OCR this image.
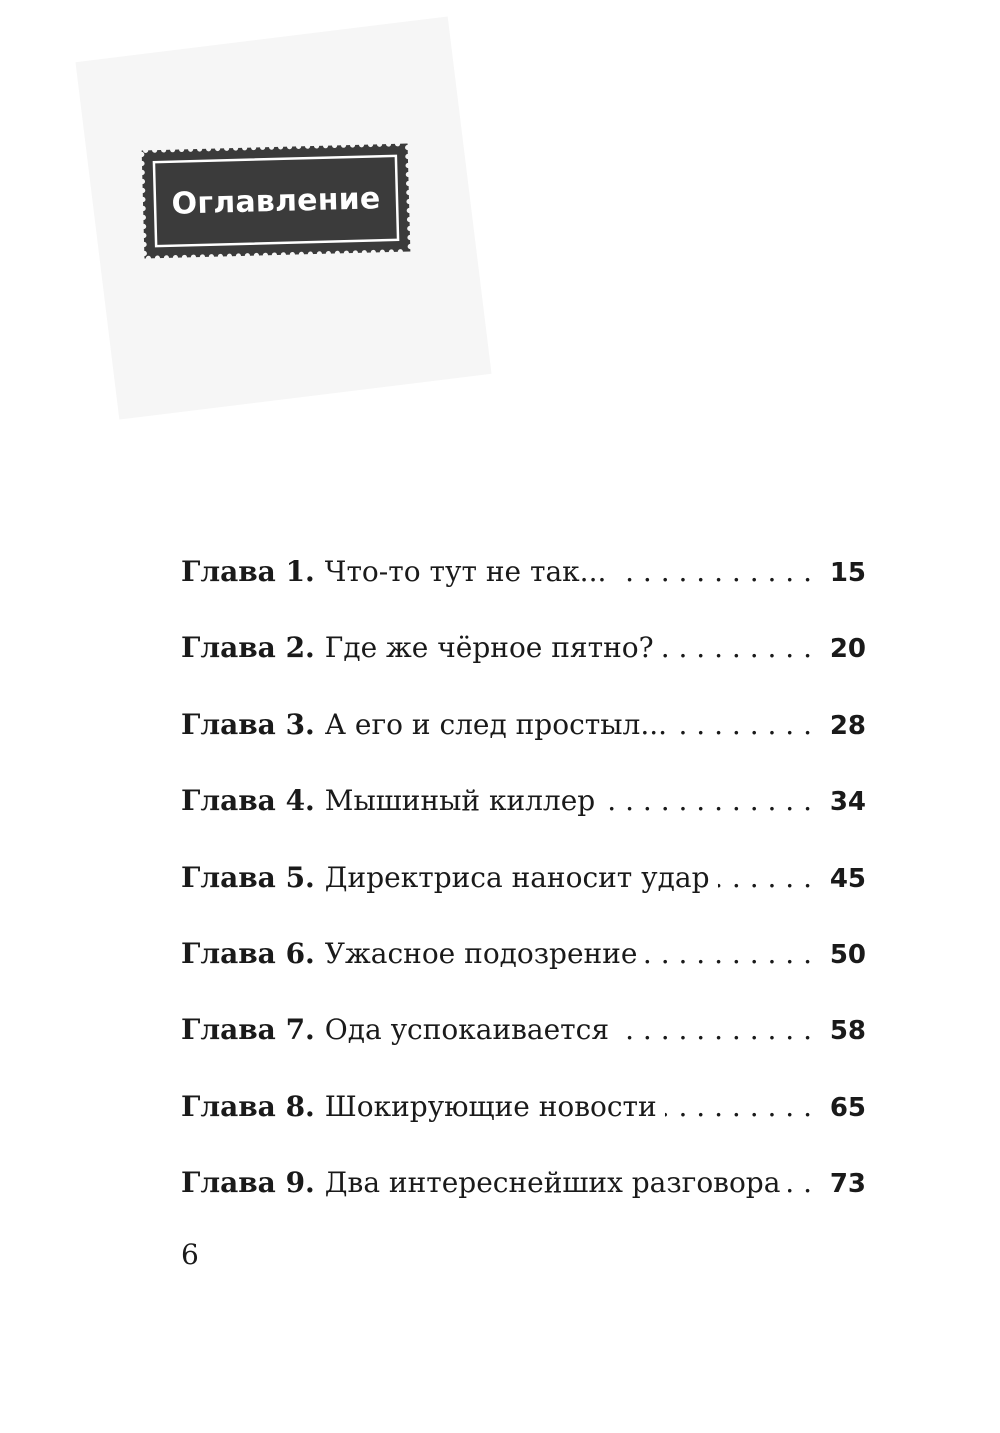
Оглавление
Глава 1. Что-то тут не так... . . .	15
Глава 2. Где же чёрное пятно? . . .	20
Глава 3. А его и след простыл... . . .	28
Глава 4. Мышиный киллер . . .	34
Глава 5. Директриса наносит удар . . .	45
Глава 6. Ужасное подозрение . . .	50
Глава 7. Ода успокаивается . . .	58
Глава 8. Шокирующие новости . . .	65
Глава 9. Два интереснейших разговора . . . 73
6
